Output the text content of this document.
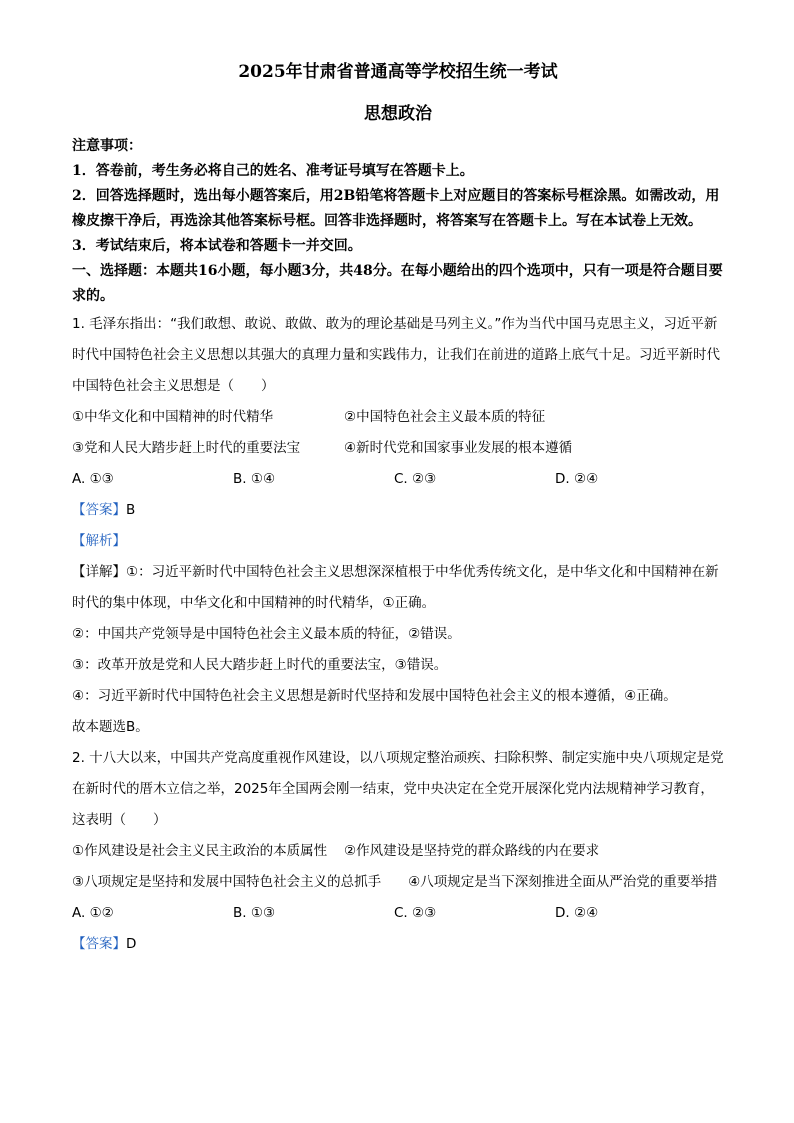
2025年甘肃省普通高等学校招生统一考试

思想政治

注意事项：

1．答卷前，考生务必将自己的姓名、准考证号填写在答题卡上。

2．回答选择题时，选出每小题答案后，用2B铅笔将答题卡上对应题目的答案标号框涂黑。如需改动，用橡皮擦干净后，再选涂其他答案标号框。回答非选择题时，将答案写在答题卡上。写在本试卷上无效。

3．考试结束后，将本试卷和答题卡一并交回。

一、选择题：本题共16小题，每小题3分，共48分。在每小题给出的四个选项中，只有一项是符合题目要求的。

1. 毛泽东指出：“我们敢想、敢说、敢做、敢为的理论基础是马列主义。”作为当代中国马克思主义，习近平新时代中国特色社会主义思想以其强大的真理力量和实践伟力，让我们在前进的道路上底气十足。习近平新时代中国特色社会主义思想是（　　）

①中华文化和中国精神的时代精华	②中国特色社会主义最本质的特征
③党和人民大踏步赶上时代的重要法宝	④新时代党和国家事业发展的根本遵循
A. ①③	B. ①④	C. ②③	D. ②④

【答案】B

【解析】

【详解】①：习近平新时代中国特色社会主义思想深深植根于中华优秀传统文化，是中华文化和中国精神在新时代的集中体现，中华文化和中国精神的时代精华，①正确。

②：中国共产党领导是中国特色社会主义最本质的特征，②错误。

③：改革开放是党和人民大踏步赶上时代的重要法宝，③错误。

④：习近平新时代中国特色社会主义思想是新时代坚持和发展中国特色社会主义的根本遵循，④正确。

故本题选B。

2. 十八大以来，中国共产党高度重视作风建设，以八项规定整治顽疾、扫除积弊、制定实施中央八项规定是党在新时代的厝木立信之举，2025年全国两会刚一结束，党中央决定在全党开展深化党内法规精神学习教育，这表明（　　）

①作风建设是社会主义民主政治的本质属性	②作风建设是坚持党的群众路线的内在要求

③八项规定是坚持和发展中国特色社会主义的总抓手　　④八项规定是当下深刻推进全面从严治党的重要举措

A. ①②	B. ①③	C. ②③	D. ②④

【答案】D
